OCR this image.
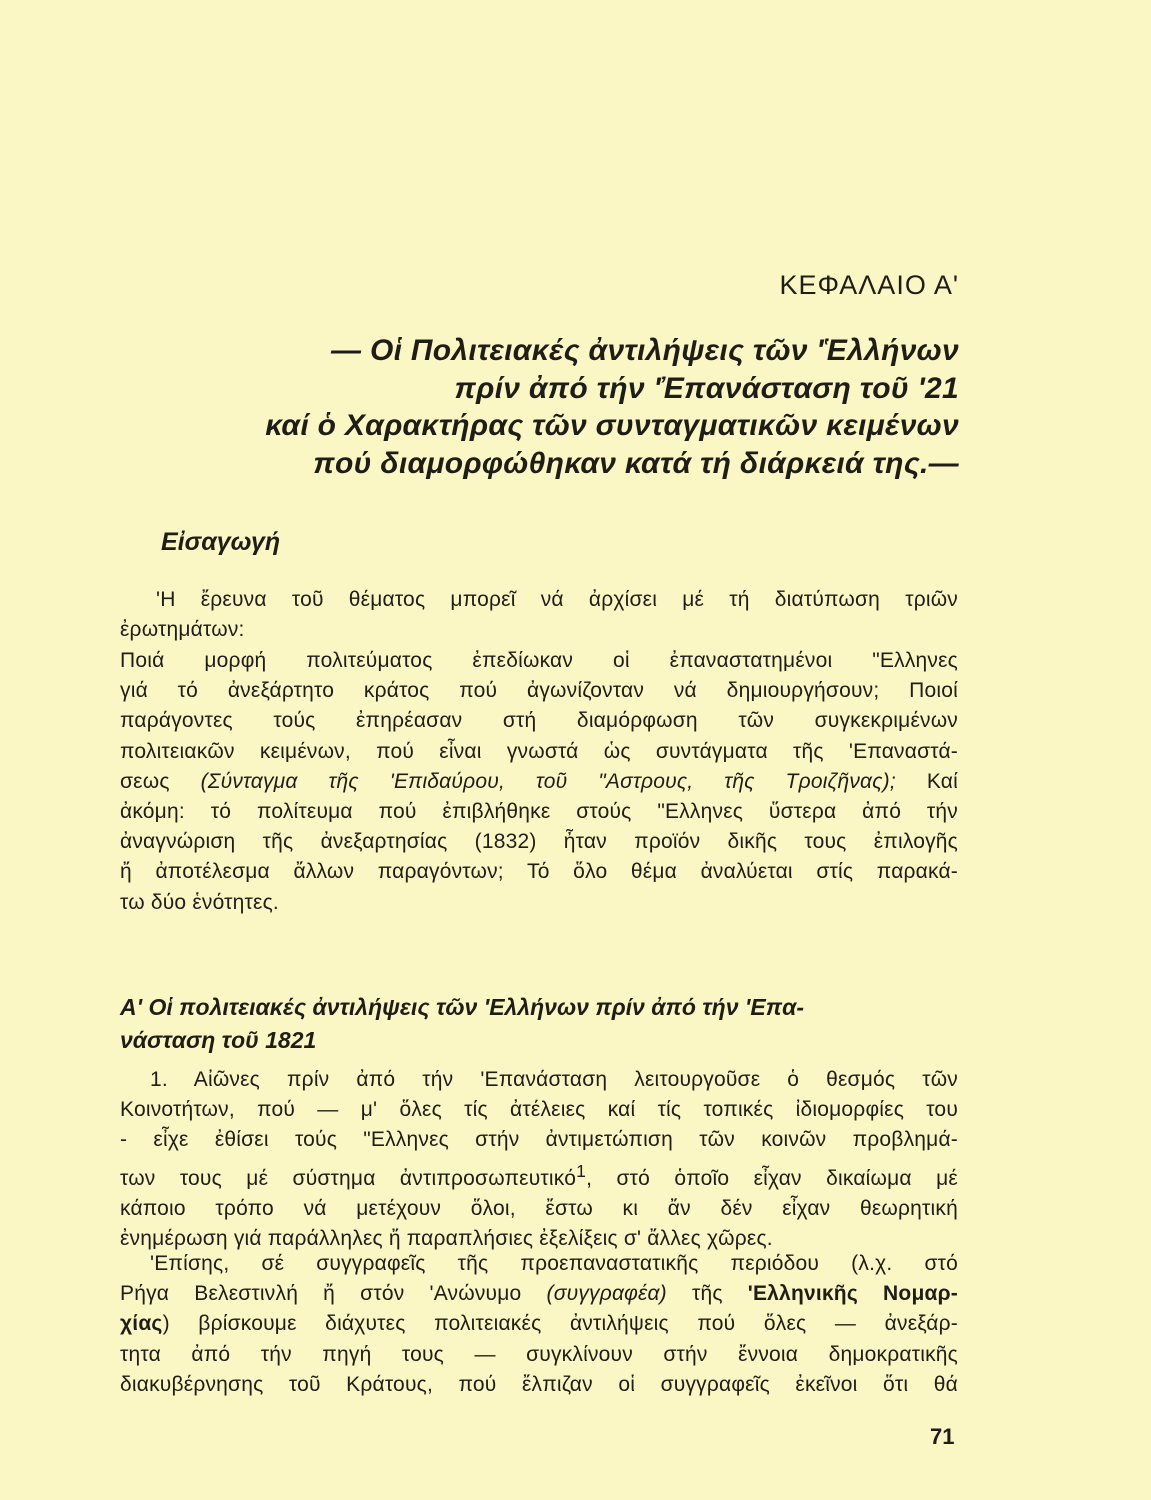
ΚΕΦΑΛΑΙΟ Α'
— Οἱ Πολιτειακές ἀντιλήψεις τῶν 'Ἑλλήνων
πρίν ἀπό τήν 'Ἐπανάσταση τοῦ '21
καί ὁ Χαρακτήρας τῶν συνταγματικῶν κειμένων
πού διαμορφώθηκαν κατά τή διάρκειά της.—
Εἰσαγωγή
'Η ἔρευνα τοῦ θέματος μπορεῖ νά ἀρχίσει μέ τή διατύπωση τριῶν
ἐρωτημάτων:
Ποιά μορφή πολιτεύματος ἐπεδίωκαν οἱ ἐπαναστατημένοι "Ελληνες
γιά τό ἀνεξάρτητο κράτος πού ἀγωνίζονταν νά δημιουργήσουν; Ποιοί
παράγοντες τούς ἐπηρέασαν στή διαμόρφωση τῶν συγκεκριμένων
πολιτειακῶν κειμένων, πού εἶναι γνωστά ὡς συντάγματα τῆς 'Επαναστά-
σεως (Σύνταγμα τῆς 'Επιδαύρου, τοῦ "Αστρους, τῆς Τροιζῆνας); Καί
ἀκόμη: τό πολίτευμα πού ἐπιβλήθηκε στούς "Ελληνες ὕστερα ἀπό τήν
ἀναγνώριση τῆς ἀνεξαρτησίας (1832) ἦταν προϊόν δικῆς τους ἐπιλογῆς
ἤ ἀποτέλεσμα ἄλλων παραγόντων; Τό ὅλο θέμα ἀναλύεται στίς παρακά-
τω δύο ἑνότητες.
Α' Οἱ πολιτειακές ἀντιλήψεις τῶν 'Ελλήνων πρίν ἀπό τήν 'Επα-
νάσταση τοῦ 1821
1. Αἰῶνες πρίν ἀπό τήν 'Επανάσταση λειτουργοῦσε ὁ θεσμός τῶν
Κοινοτήτων, πού — μ' ὅλες τίς ἀτέλειες καί τίς τοπικές ἰδιομορφίες του
- εἶχε ἐθίσει τούς "Ελληνες στήν ἀντιμετώπιση τῶν κοινῶν προβλημά-
των τους μέ σύστημα ἀντιπροσωπευτικό$^1$, στό ὁποῖο εἶχαν δικαίωμα μέ
κάποιο τρόπο νά μετέχουν ὅλοι, ἔστω κι ἄν δέν εἶχαν θεωρητική
ἐνημέρωση γιά παράλληλες ἤ παραπλήσιες ἐξελίξεις σ' ἄλλες χῶρες.
'Επίσης, σέ συγγραφεῖς τῆς προεπαναστατικῆς περιόδου (λ.χ. στό
Ρήγα Βελεστινλή ἤ στόν 'Ανώνυμο (συγγραφέα) τῆς 'Ελληνικῆς Νομαρ-
χίας) βρίσκουμε διάχυτες πολιτειακές ἀντιλήψεις πού ὅλες — ἀνεξάρ-
τητα ἀπό τήν πηγή τους — συγκλίνουν στήν ἔννοια δημοκρατικῆς
διακυβέρνησης τοῦ Κράτους, πού ἔλπιζαν οἱ συγγραφεῖς ἐκεῖνοι ὅτι θά
71
